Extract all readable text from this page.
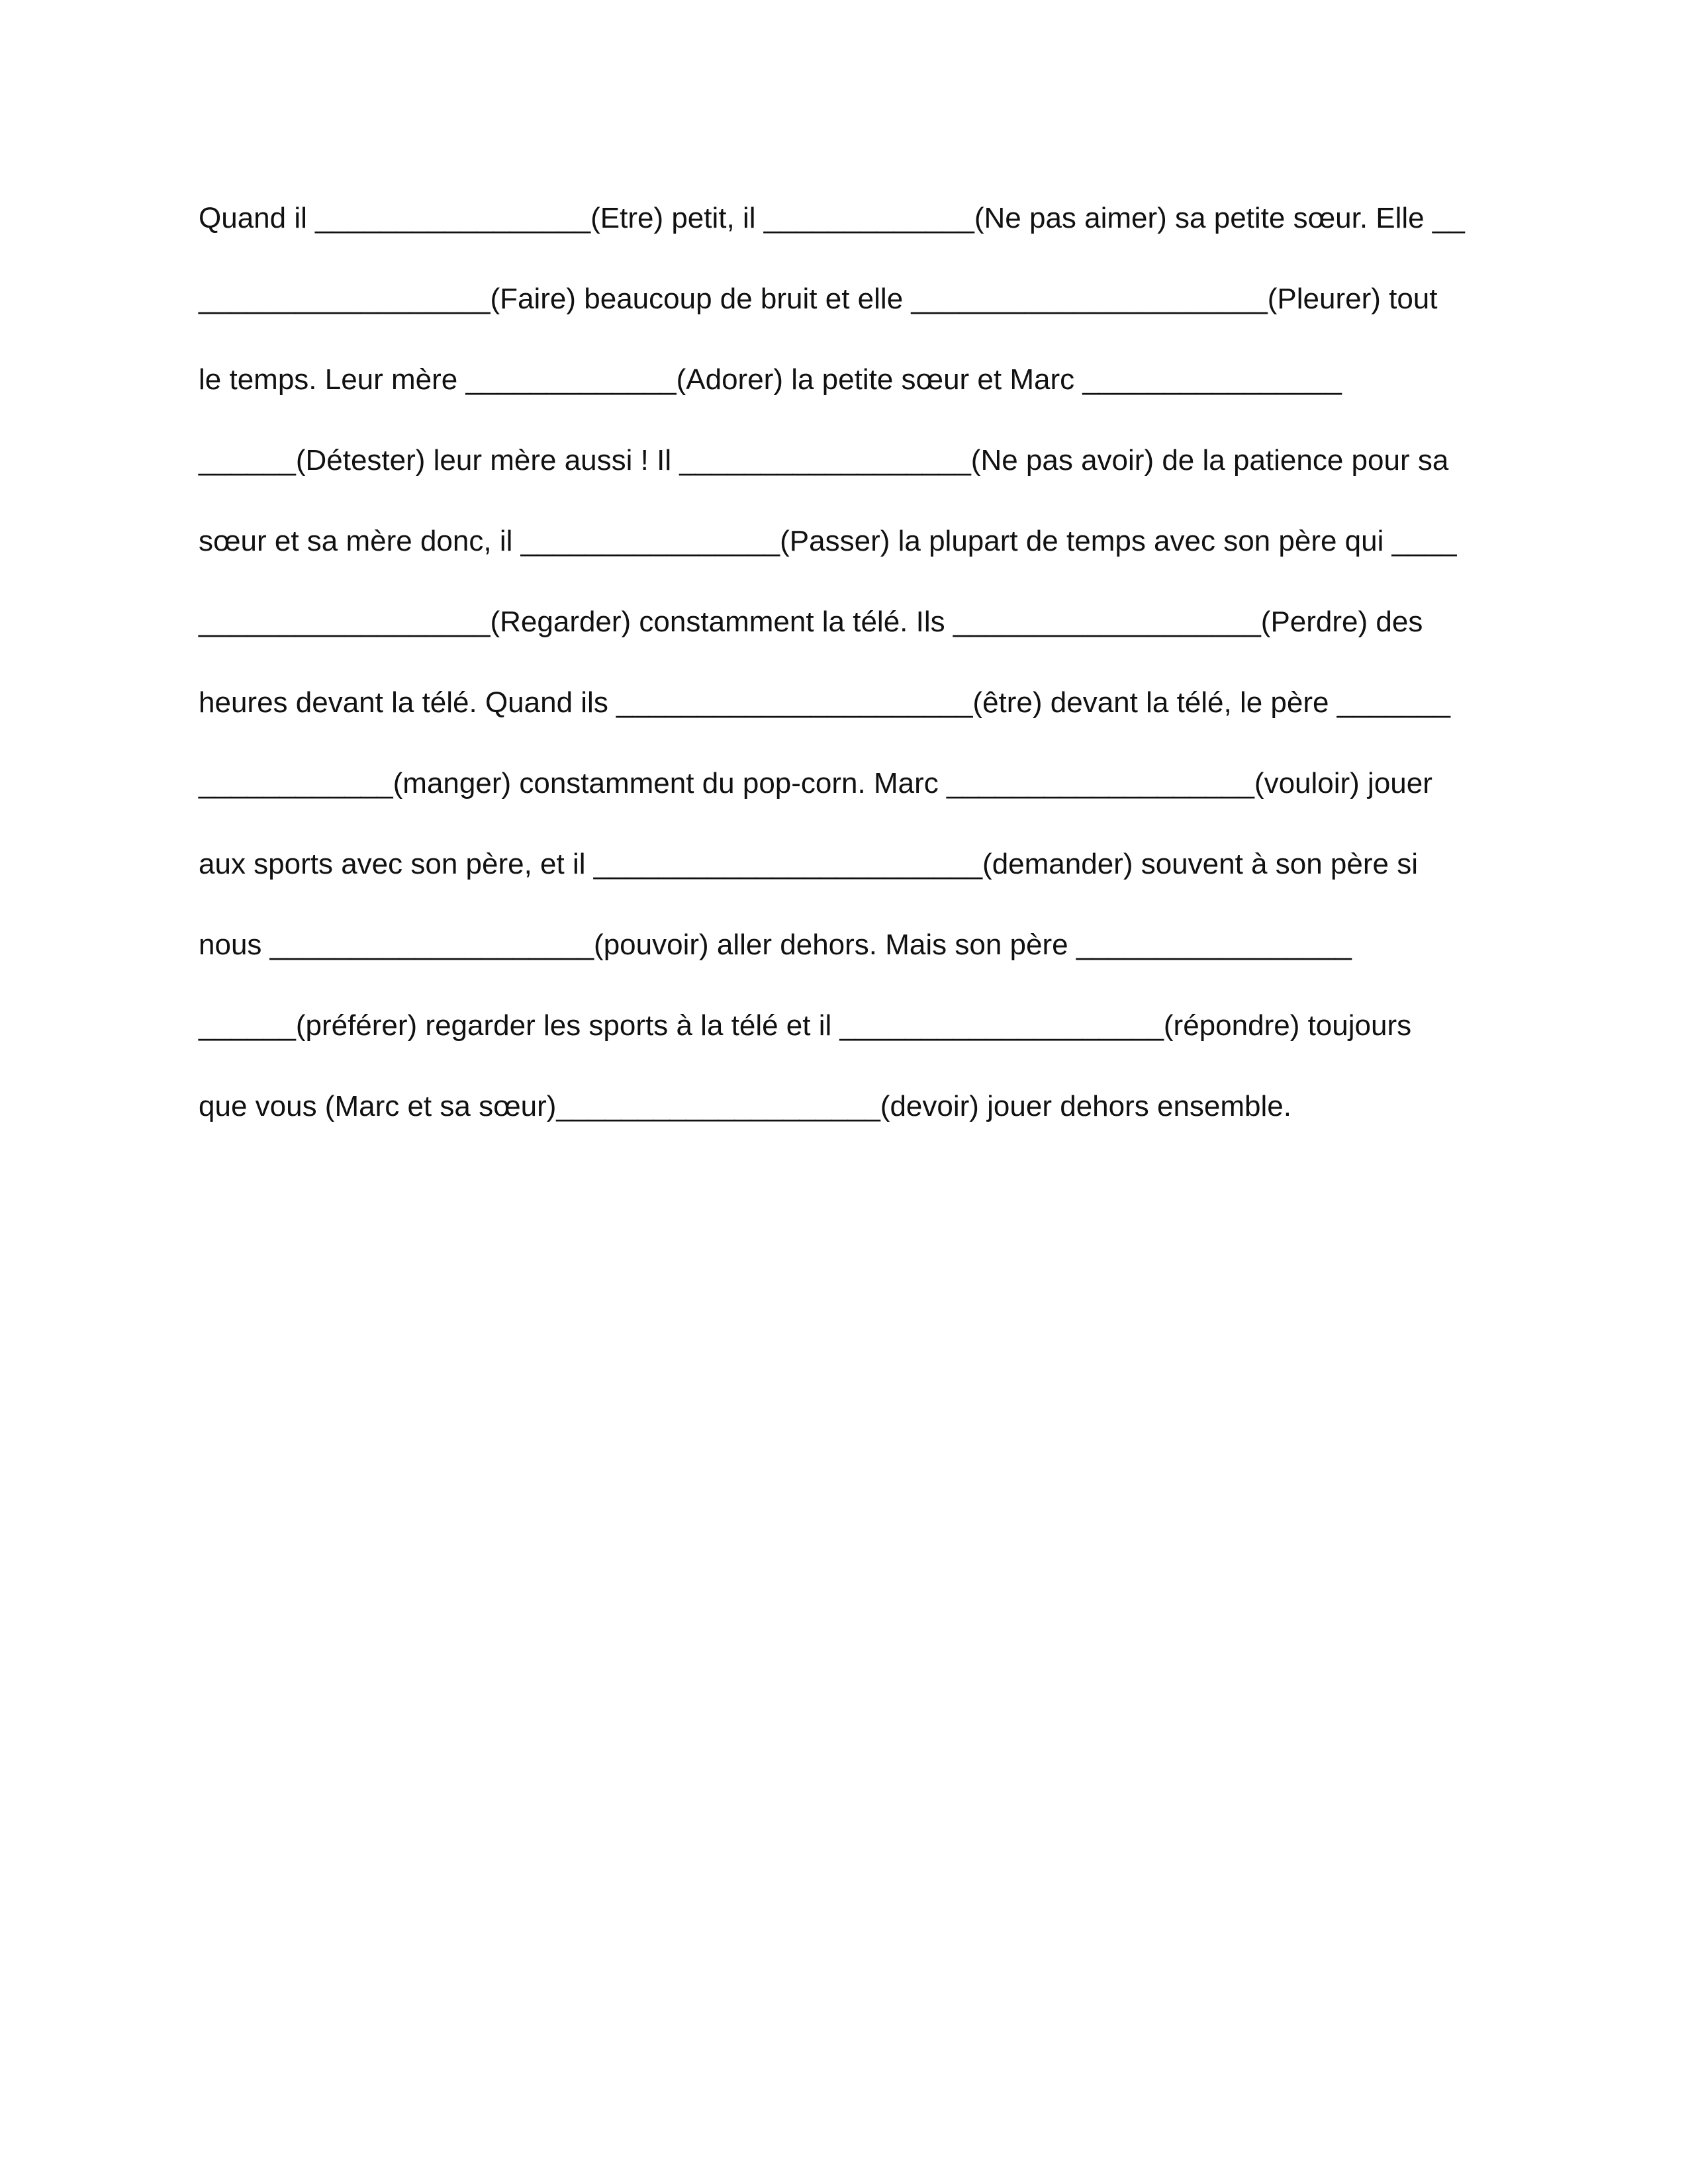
Quand il _________________(Etre) petit, il _____________(Ne pas aimer) sa petite sœur. Elle __
__________________(Faire) beaucoup de bruit et elle ______________________(Pleurer) tout
le temps. Leur mère _____________(Adorer) la petite sœur et Marc ________________
______(Détester) leur mère aussi ! Il __________________(Ne pas avoir) de la patience pour sa
sœur et sa mère donc, il ________________(Passer) la plupart de temps avec son père qui ____
__________________(Regarder) constamment la télé. Ils ___________________(Perdre) des
heures devant la télé. Quand ils ______________________(être) devant la télé, le père _______
____________(manger) constamment du pop-corn. Marc ___________________(vouloir) jouer
aux sports avec son père, et il ________________________(demander) souvent à son père si
nous ____________________(pouvoir) aller dehors. Mais son père _________________
______(préférer) regarder les sports à la télé et il ____________________(répondre) toujours
que vous (Marc et sa sœur)____________________(devoir) jouer dehors ensemble.
